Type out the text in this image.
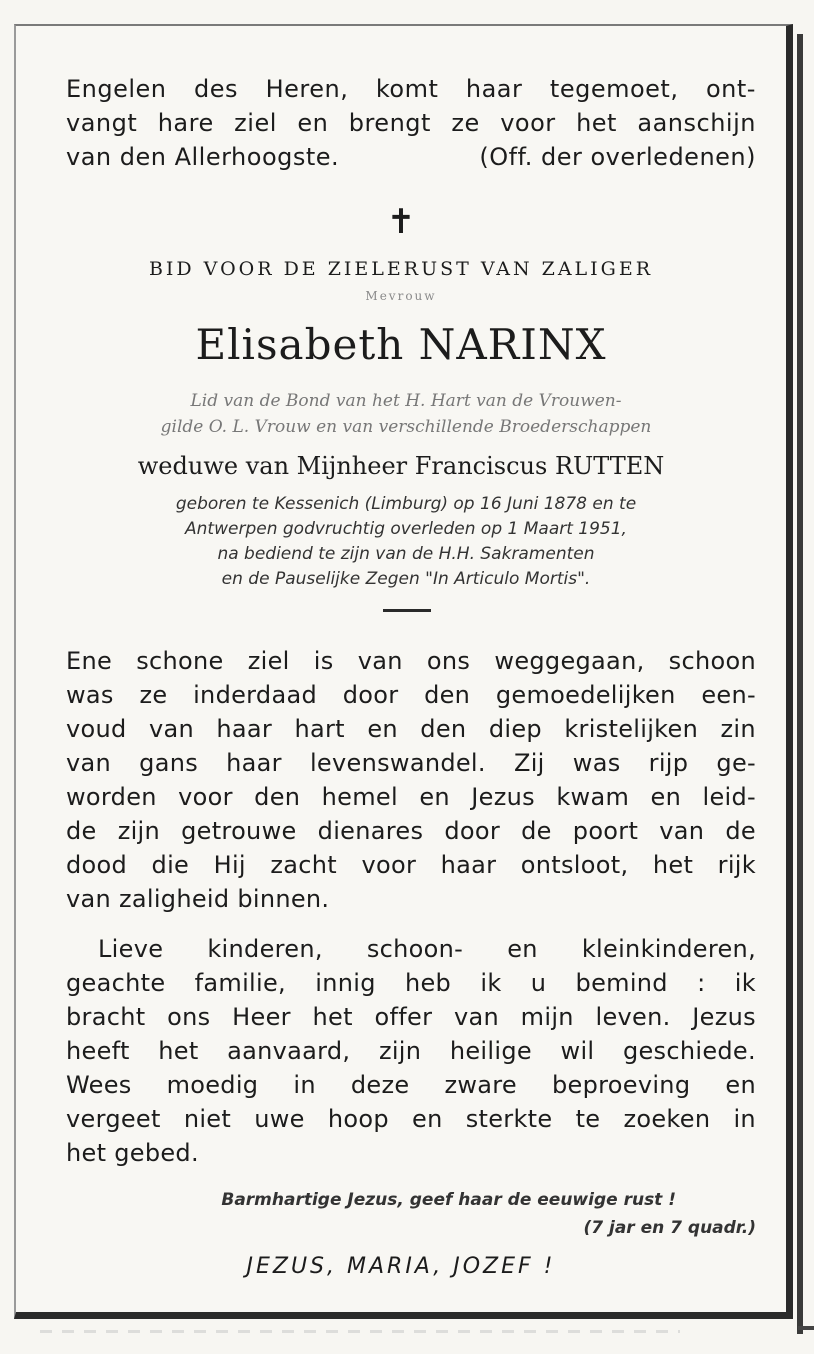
Engelen des Heren, komt haar tegemoet, ont-
vangt hare ziel en brengt ze voor het aanschijn
van den Allerhoogste.	(Off. der overledenen)
✝
BID VOOR DE ZIELERUST VAN ZALIGER
Mevrouw
Elisabeth NARINX
Lid van de Bond van het H. Hart van de Vrouwen-
gilde O. L. Vrouw en van verschillende Broederschappen
weduwe van Mijnheer Franciscus RUTTEN
geboren te Kessenich (Limburg) op 16 Juni 1878 en te
Antwerpen godvruchtig overleden op 1 Maart 1951,
na bediend te zijn van de H.H. Sakramenten
en de Pauselijke Zegen "In Articulo Mortis".
Ene schone ziel is van ons weggegaan, schoon
was ze inderdaad door den gemoedelijken een-
voud van haar hart en den diep kristelijken zin
van gans haar levenswandel. Zij was rijp ge-
worden voor den hemel en Jezus kwam en leid-
de zijn getrouwe dienares door de poort van de
dood die Hij zacht voor haar ontsloot, het rijk
van zaligheid binnen.
Lieve kinderen, schoon- en kleinkinderen,
geachte familie, innig heb ik u bemind : ik
bracht ons Heer het offer van mijn leven. Jezus
heeft het aanvaard, zijn heilige wil geschiede.
Wees moedig in deze zware beproeving en
vergeet niet uwe hoop en sterkte te zoeken in
het gebed.
Barmhartige Jezus, geef haar de eeuwige rust !
(7 jar en 7 quadr.)
JEZUS, MARIA, JOZEF !
